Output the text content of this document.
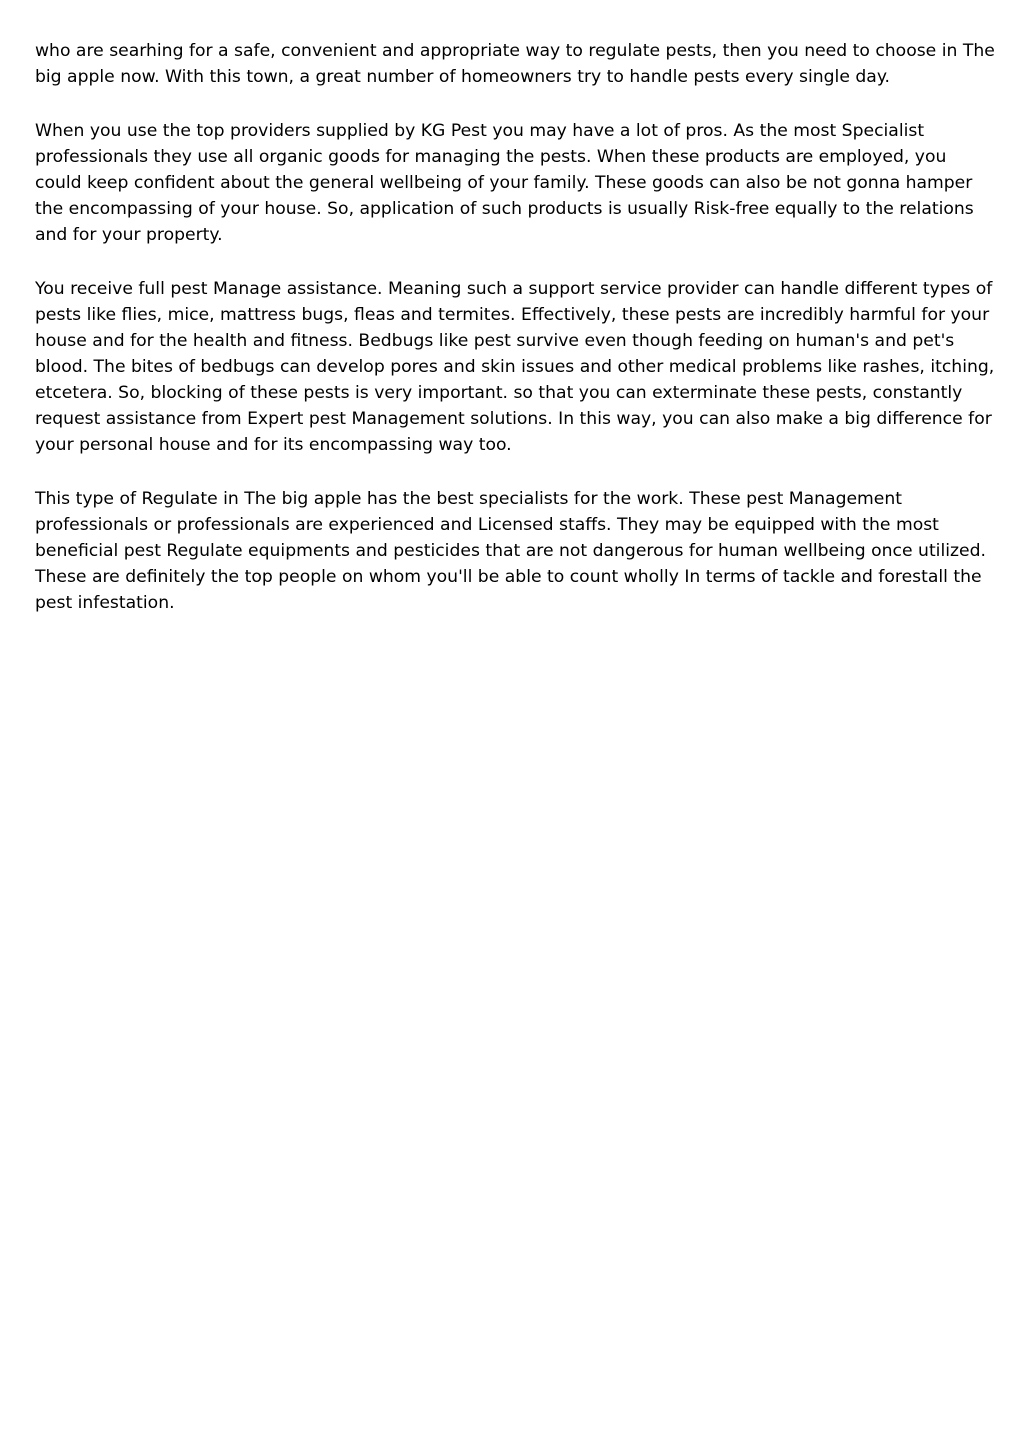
who are searhing for a safe, convenient and appropriate way to regulate pests, then you need to choose in The big apple now. With this town, a great number of homeowners try to handle pests every single day.

When you use the top providers supplied by KG Pest you may have a lot of pros. As the most Specialist professionals they use all organic goods for managing the pests. When these products are employed, you could keep confident about the general wellbeing of your family. These goods can also be not gonna hamper the encompassing of your house. So, application of such products is usually Risk-free equally to the relations and for your property.

You receive full pest Manage assistance. Meaning such a support service provider can handle different types of pests like flies, mice, mattress bugs, fleas and termites. Effectively, these pests are incredibly harmful for your house and for the health and fitness. Bedbugs like pest survive even though feeding on human's and pet's blood. The bites of bedbugs can develop pores and skin issues and other medical problems like rashes, itching, etcetera. So, blocking of these pests is very important. so that you can exterminate these pests, constantly request assistance from Expert pest Management solutions. In this way, you can also make a big difference for your personal house and for its encompassing way too.

This type of Regulate in The big apple has the best specialists for the work. These pest Management professionals or professionals are experienced and Licensed staffs. They may be equipped with the most beneficial pest Regulate equipments and pesticides that are not dangerous for human wellbeing once utilized. These are definitely the top people on whom you'll be able to count wholly In terms of tackle and forestall the pest infestation.
